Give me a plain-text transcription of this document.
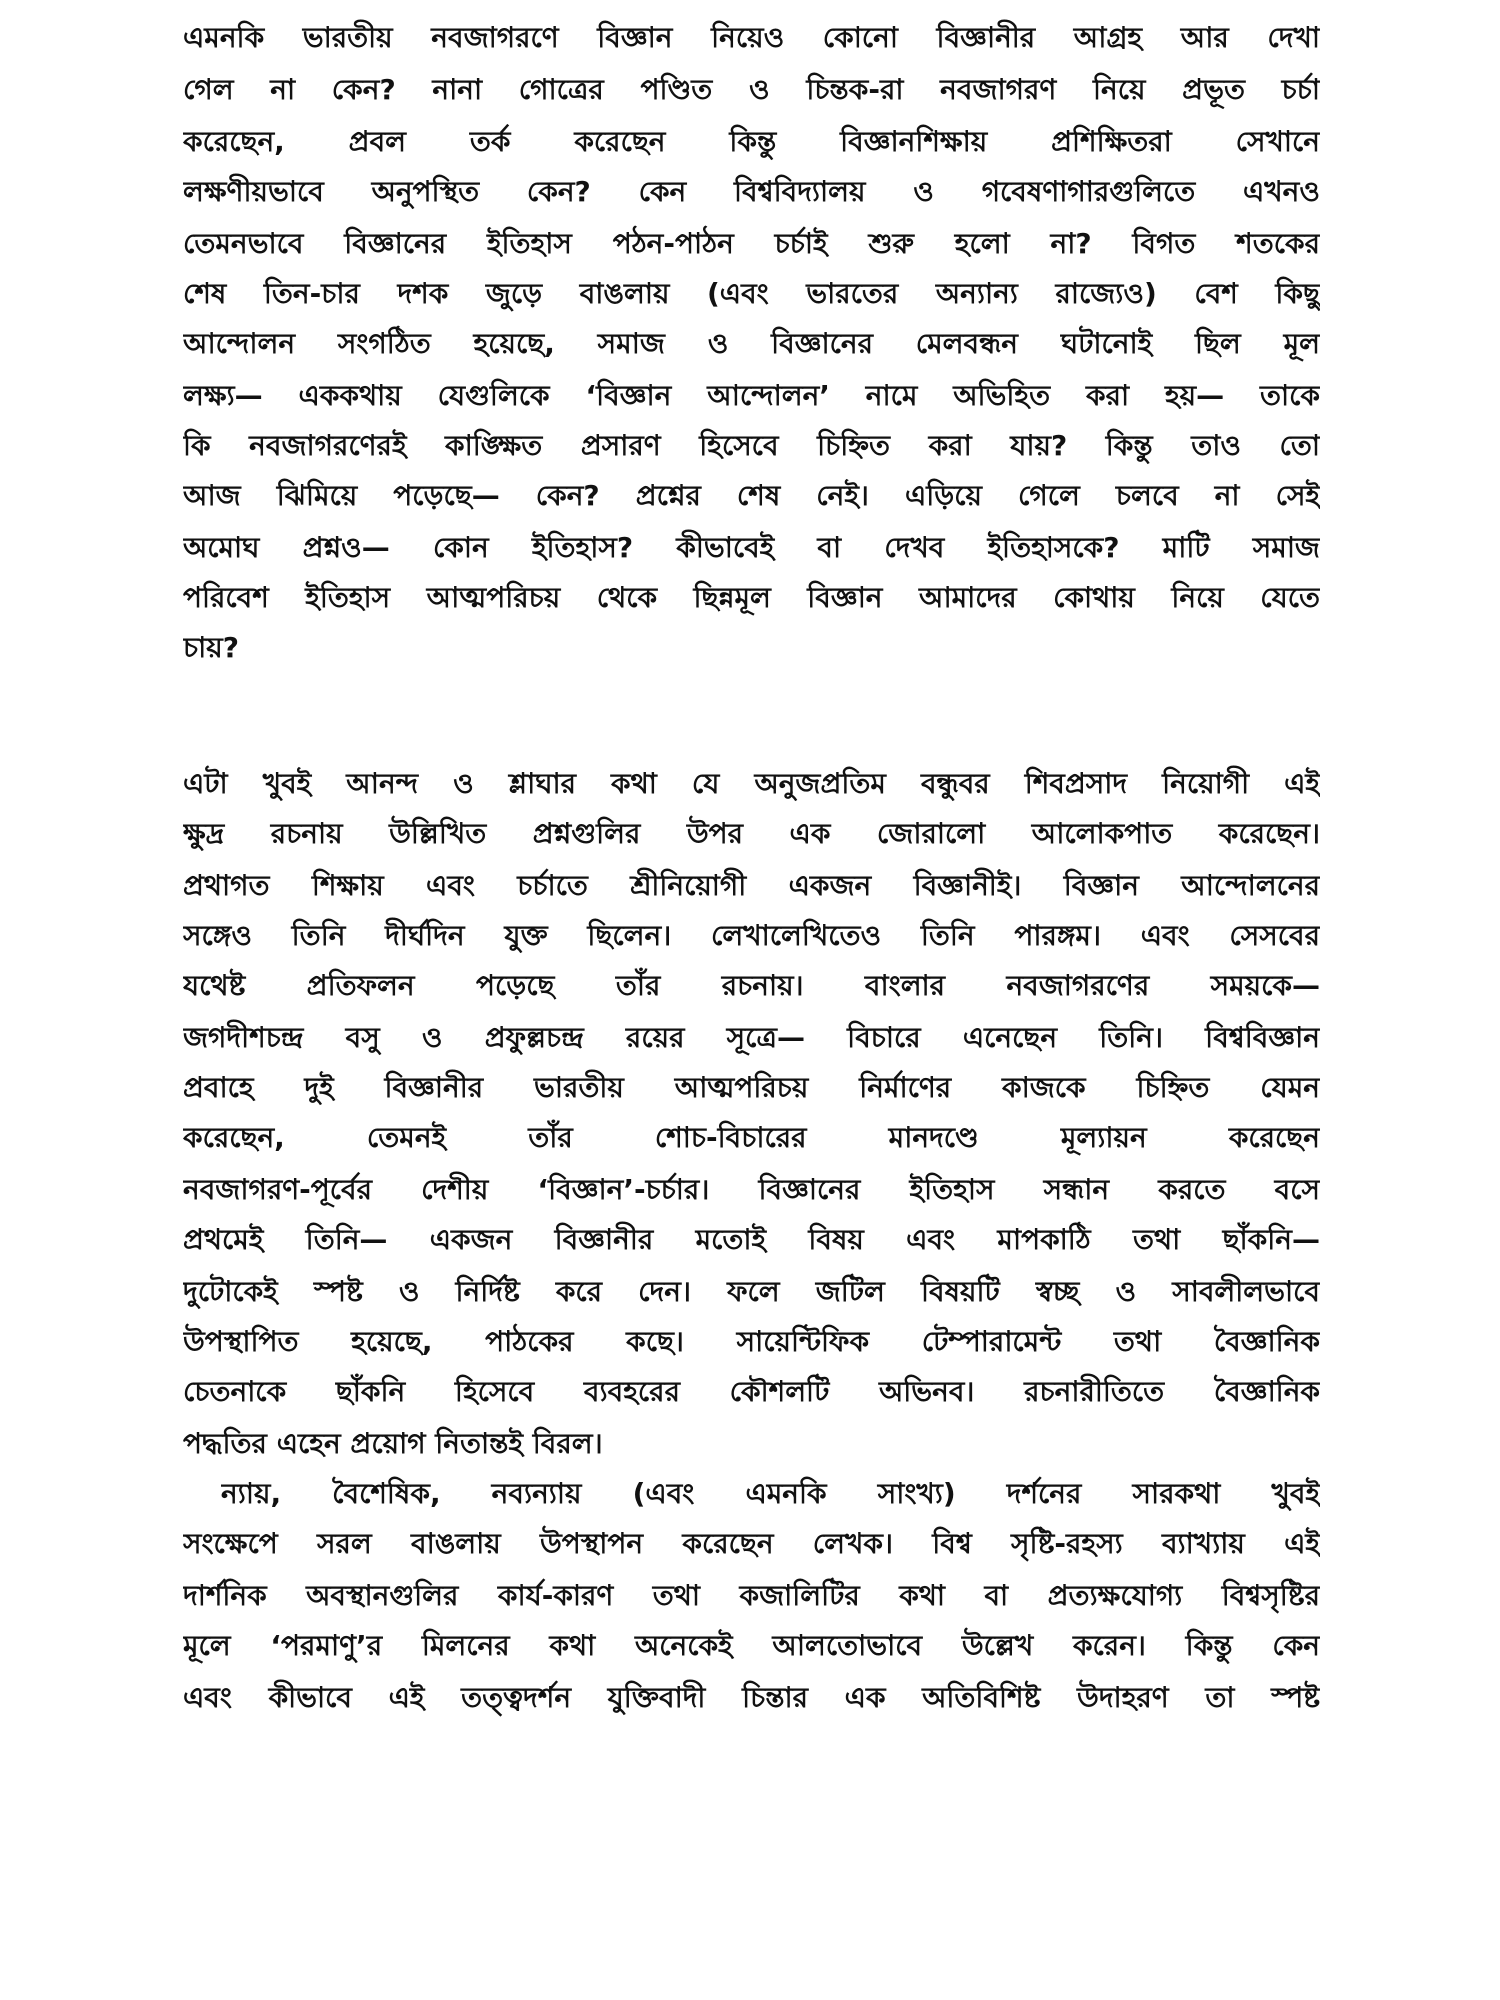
এমনকি ভারতীয় নবজাগরণে বিজ্ঞান নিয়েও কোনো বিজ্ঞানীর আগ্রহ আর দেখা
গেল না কেন? নানা গোত্রের পণ্ডিত ও চিন্তক-রা নবজাগরণ নিয়ে প্রভূত চর্চা
করেছেন, প্রবল তর্ক করেছেন কিন্তু বিজ্ঞানশিক্ষায় প্রশিক্ষিতরা সেখানে
লক্ষণীয়ভাবে অনুপস্থিত কেন? কেন বিশ্ববিদ্যালয় ও গবেষণাগারগুলিতে এখনও
তেমনভাবে বিজ্ঞানের ইতিহাস পঠন-পাঠন চর্চাই শুরু হলো না? বিগত শতকের
শেষ তিন-চার দশক জুড়ে বাঙলায় (এবং ভারতের অন্যান্য রাজ্যেও) বেশ কিছু
আন্দোলন সংগঠিত হয়েছে, সমাজ ও বিজ্ঞানের মেলবন্ধন ঘটানোই ছিল মূল
লক্ষ্য— এককথায় যেগুলিকে ‘বিজ্ঞান আন্দোলন’ নামে অভিহিত করা হয়— তাকে
কি নবজাগরণেরই কাঙ্ক্ষিত প্রসারণ হিসেবে চিহ্নিত করা যায়? কিন্তু তাও তো
আজ ঝিমিয়ে পড়েছে— কেন? প্রশ্নের শেষ নেই। এড়িয়ে গেলে চলবে না সেই
অমোঘ প্রশ্নও— কোন ইতিহাস? কীভাবেই বা দেখব ইতিহাসকে? মাটি সমাজ
পরিবেশ ইতিহাস আত্মপরিচয় থেকে ছিন্নমূল বিজ্ঞান আমাদের কোথায় নিয়ে যেতে
চায়?
এটা খুবই আনন্দ ও শ্লাঘার কথা যে অনুজপ্রতিম বন্ধুবর শিবপ্রসাদ নিয়োগী এই
ক্ষুদ্র রচনায় উল্লিখিত প্রশ্নগুলির উপর এক জোরালো আলোকপাত করেছেন।
প্রথাগত শিক্ষায় এবং চর্চাতে শ্রীনিয়োগী একজন বিজ্ঞানীই। বিজ্ঞান আন্দোলনের
সঙ্গেও তিনি দীর্ঘদিন যুক্ত ছিলেন। লেখালেখিতেও তিনি পারঙ্গম। এবং সেসবের
যথেষ্ট প্রতিফলন পড়েছে তাঁর রচনায়। বাংলার নবজাগরণের সময়কে—
জগদীশচন্দ্র বসু ও প্রফুল্লচন্দ্র রয়ের সূত্রে— বিচারে এনেছেন তিনি। বিশ্ববিজ্ঞান
প্রবাহে দুই বিজ্ঞানীর ভারতীয় আত্মপরিচয় নির্মাণের কাজকে চিহ্নিত যেমন
করেছেন, তেমনই তাঁর শোচ-বিচারের মানদণ্ডে মূল্যায়ন করেছেন
নবজাগরণ-পূর্বের দেশীয় ‘বিজ্ঞান’-চর্চার। বিজ্ঞানের ইতিহাস সন্ধান করতে বসে
প্রথমেই তিনি— একজন বিজ্ঞানীর মতোই বিষয় এবং মাপকাঠি তথা ছাঁকনি—
দুটোকেই স্পষ্ট ও নির্দিষ্ট করে দেন। ফলে জটিল বিষয়টি স্বচ্ছ ও সাবলীলভাবে
উপস্থাপিত হয়েছে, পাঠকের কছে। সায়েন্টিফিক টেম্পারামেন্ট তথা বৈজ্ঞানিক
চেতনাকে ছাঁকনি হিসেবে ব্যবহরের কৌশলটি অভিনব। রচনারীতিতে বৈজ্ঞানিক
পদ্ধতির এহেন প্রয়োগ নিতান্তই বিরল।
ন্যায়, বৈশেষিক, নব্যন্যায় (এবং এমনকি সাংখ্য) দর্শনের সারকথা খুবই
সংক্ষেপে সরল বাঙলায় উপস্থাপন করেছেন লেখক। বিশ্ব সৃষ্টি-রহস্য ব্যাখ্যায় এই
দার্শনিক অবস্থানগুলির কার্য-কারণ তথা কজালিটির কথা বা প্রত্যক্ষযোগ্য বিশ্বসৃষ্টির
মূলে ‘পরমাণু’র মিলনের কথা অনেকেই আলতোভাবে উল্লেখ করেন। কিন্তু কেন
এবং কীভাবে এই তত্ত্বদর্শন যুক্তিবাদী চিন্তার এক অতিবিশিষ্ট উদাহরণ তা স্পষ্ট
